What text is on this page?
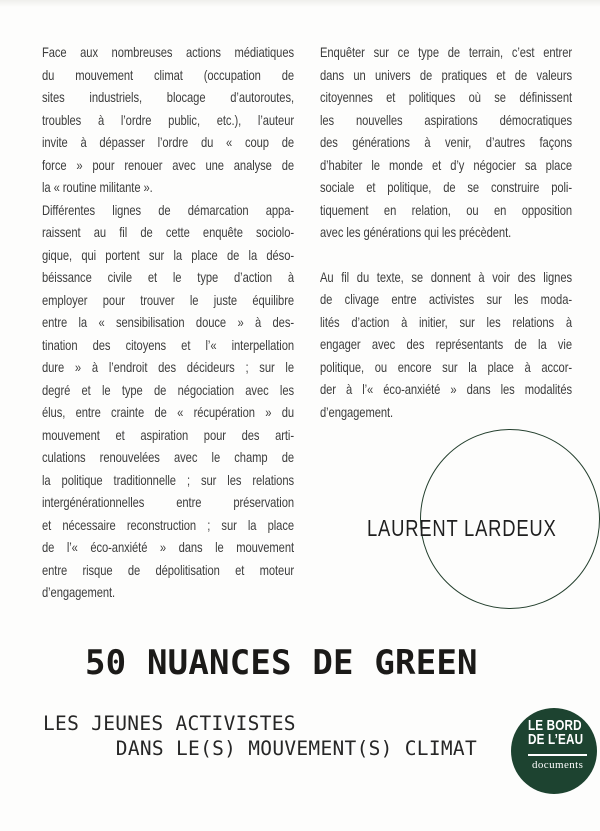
Face aux nombreuses actions médiatiques
du mouvement climat (occupation de
sites industriels, blocage d’autoroutes,
troubles à l’ordre public, etc.), l’auteur
invite à dépasser l’ordre du « coup de
force » pour renouer avec une analyse de
la « routine militante ».
Différentes lignes de démarcation appa-
raissent au fil de cette enquête sociolo-
gique, qui portent sur la place de la déso-
béissance civile et le type d’action à
employer pour trouver le juste équilibre
entre la « sensibilisation douce » à des-
tination des citoyens et l’« interpellation
dure » à l’endroit des décideurs ; sur le
degré et le type de négociation avec les
élus, entre crainte de « récupération » du
mouvement et aspiration pour des arti-
culations renouvelées avec le champ de
la politique traditionnelle ; sur les relations
intergénérationnelles entre préservation
et nécessaire reconstruction ; sur la place
de l’« éco-anxiété » dans le mouvement
entre risque de dépolitisation et moteur
d’engagement.
Enquêter sur ce type de terrain, c’est entrer
dans un univers de pratiques et de valeurs
citoyennes et politiques où se définissent
les nouvelles aspirations démocratiques
des générations à venir, d’autres façons
d’habiter le monde et d’y négocier sa place
sociale et politique, de se construire poli-
tiquement en relation, ou en opposition
avec les générations qui les précèdent.
Au fil du texte, se donnent à voir des lignes
de clivage entre activistes sur les moda-
lités d’action à initier, sur les relations à
engager avec des représentants de la vie
politique, ou encore sur la place à accor-
der à l’« éco-anxiété » dans les modalités
d’engagement.
LAURENT LARDEUX
50 NUANCES DE GREEN
LES JEUNES ACTIVISTES
DANS LE(S) MOUVEMENT(S) CLIMAT
LE BORD
DE L’EAU
documents
